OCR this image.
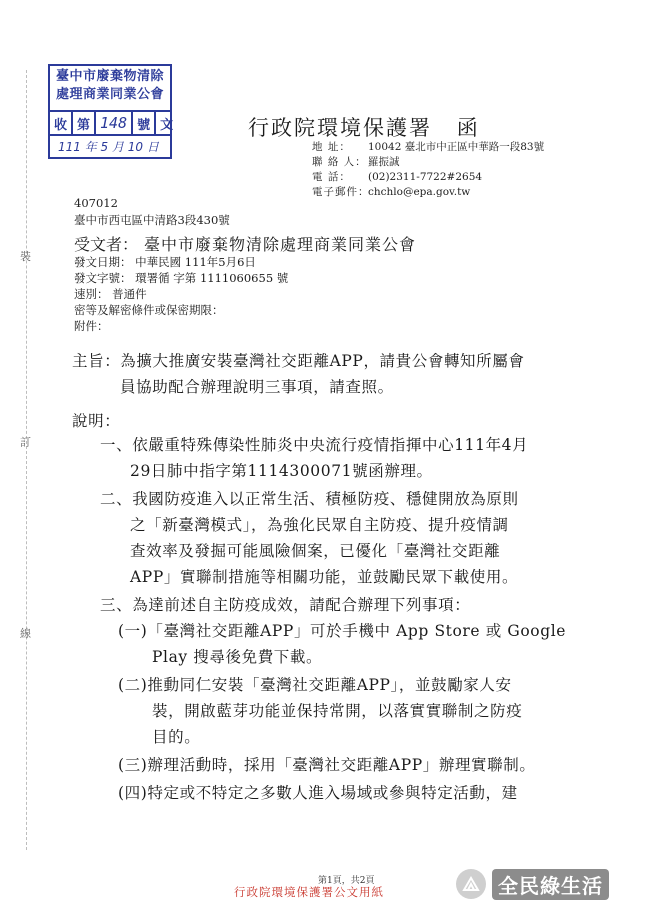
裝
訂
線
臺中市廢棄物清除
處理商業同業公會
收 第 148 號 文
111 年 5 月 10 日
行政院環境保護署 函
地 址： 10042 臺北市中正區中華路一段83號
聯 絡 人：羅振誠
電 話： (02)2311-7722#2654
電子郵件：chchlo@epa.gov.tw
407012
臺中市西屯區中清路3段430號
受文者： 臺中市廢棄物清除處理商業同業公會
發文日期： 中華民國 111年5月6日
發文字號： 環署循 字第 1111060655 號
速別： 普通件
密等及解密條件或保密期限：
附件：
主旨：為擴大推廣安裝臺灣社交距離APP，請貴公會轉知所屬會
員協助配合辦理說明三事項，請查照。
說明：
一、依嚴重特殊傳染性肺炎中央流行疫情指揮中心111年4月
29日肺中指字第1114300071號函辦理。
二、我國防疫進入以正常生活、積極防疫、穩健開放為原則
之「新臺灣模式」，為強化民眾自主防疫、提升疫情調
查效率及發掘可能風險個案，已優化「臺灣社交距離
APP」實聯制措施等相關功能，並鼓勵民眾下載使用。
三、為達前述自主防疫成效，請配合辦理下列事項：
(一)「臺灣社交距離APP」可於手機中 App Store 或 Google
Play 搜尋後免費下載。
(二)推動同仁安裝「臺灣社交距離APP」，並鼓勵家人安
裝，開啟藍芽功能並保持常開，以落實實聯制之防疫
目的。
(三)辦理活動時，採用「臺灣社交距離APP」辦理實聯制。
(四)特定或不特定之多數人進入場域或參與特定活動，建
第1頁，共2頁
行政院環境保護署公文用紙	全民綠生活
